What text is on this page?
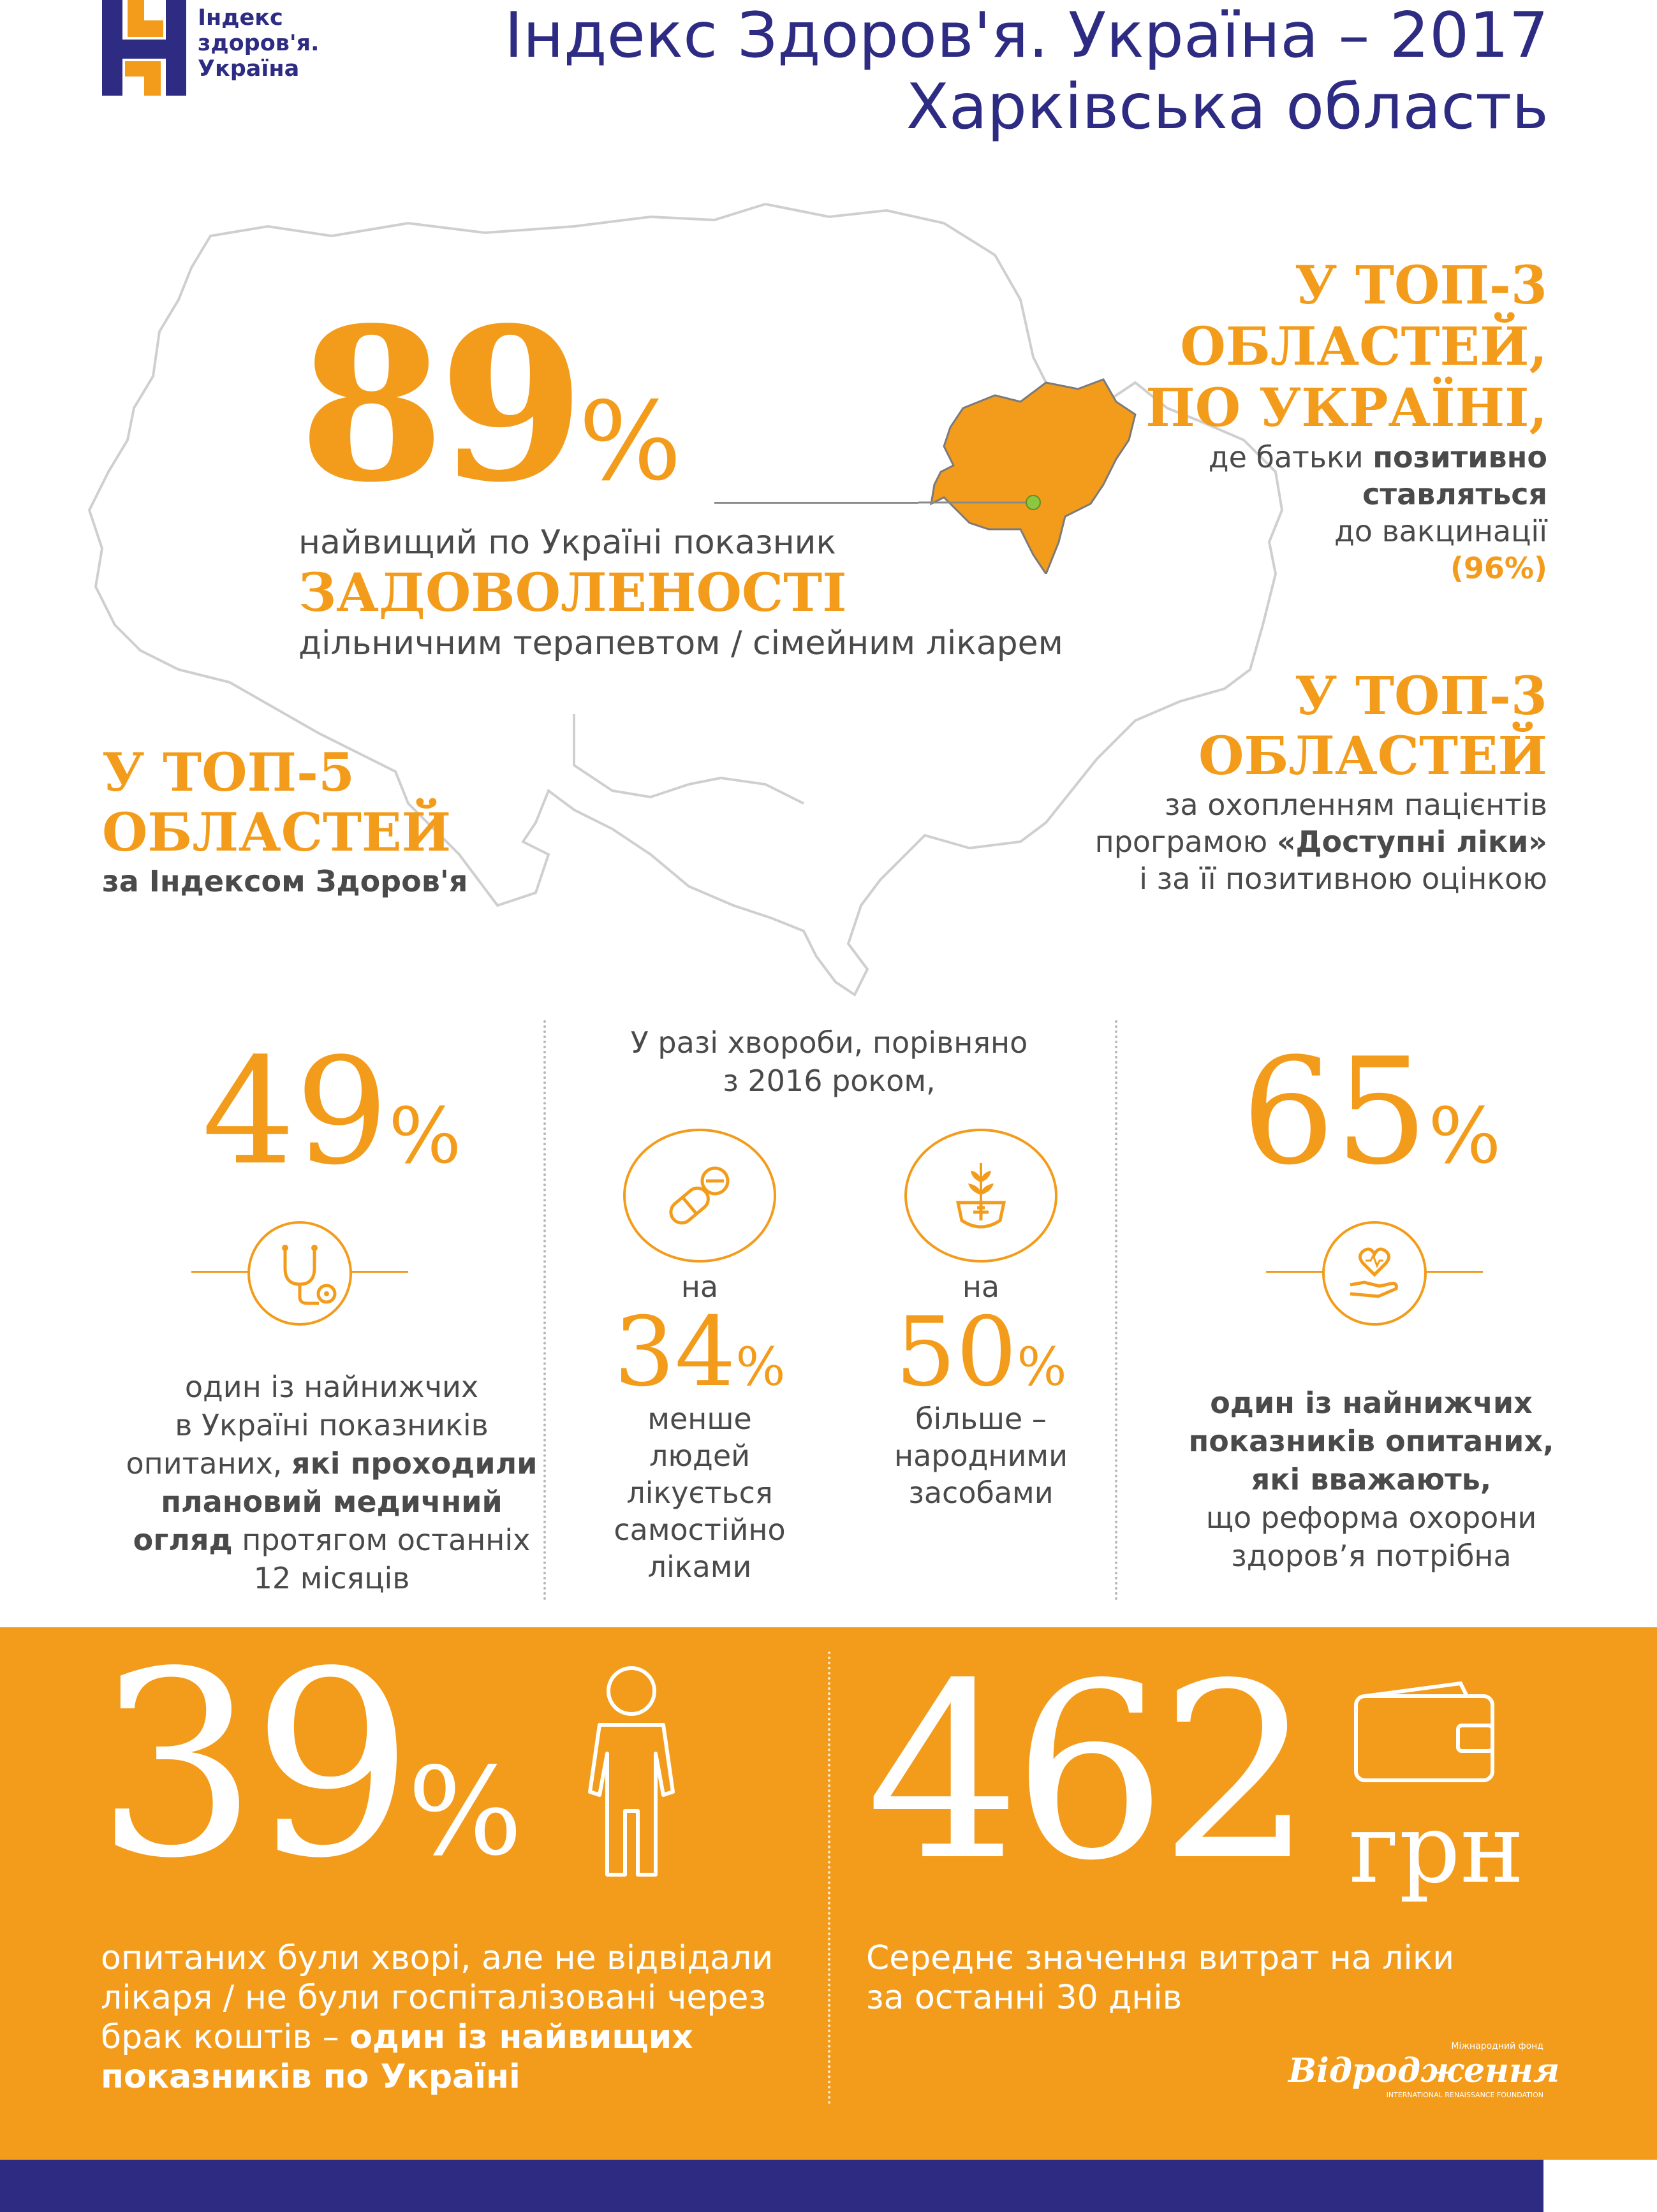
Індекс
здоров'я.
Україна	Індекс Здоров'я. Україна – 2017
Харківська область
У ТОП-3 ОБЛАСТЕЙ,
ПО УКРАЇНІ,
де батьки позитивно
ставляться
до вакцинації
(96%)
89%
найвищий по Україні показник
ЗАДОВОЛЕНОСТІ
дільничним терапевтом / сімейним лікарем
У ТОП-3
ОБЛАСТЕЙ
за охопленням пацієнтів
програмою «Доступні ліки»
і за її позитивною оцінкою
У ТОП-5
ОБЛАСТЕЙ
за Індексом Здоров'я
49%
один із найнижчих
в Україні показників
опитаних, які проходили
плановий медичний
огляд протягом останніх
12 місяців
У разі хвороби, порівняно
з 2016 роком,
на
34%
менше
людей
лікується
самостійно
ліками
на
50%
більше –
народними
засобами
65%
один із найнижчих
показників опитаних,
які вважають,
що реформа охорони
здоров’я потрібна
39%
опитаних були хворі, але не відвідали
лікаря / не були госпіталізовані через
брак коштів – один із найвищих
показників по Україні
462 грн
Середнє значення витрат на ліки
за останні 30 днів
Міжнародний фонд
Відродження
INTERNATIONAL RENAISSANCE FOUNDATION
